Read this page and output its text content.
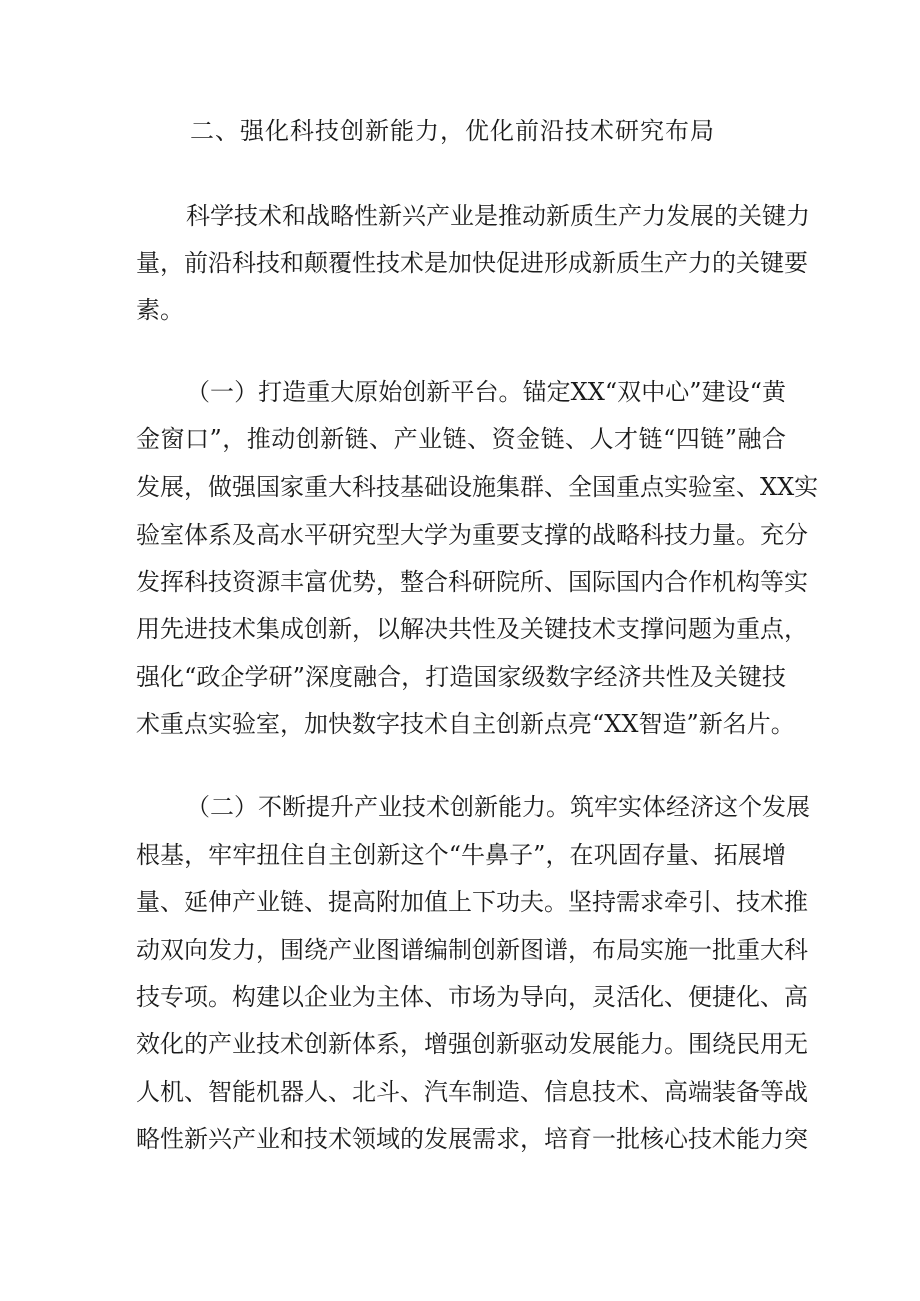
二、强化科技创新能力，优化前沿技术研究布局
科学技术和战略性新兴产业是推动新质生产力发展的关键力
量，前沿科技和颠覆性技术是加快促进形成新质生产力的关键要
素。
（一）打造重大原始创新平台。锚定XX“双中心”建设“黄
金窗口”，推动创新链、产业链、资金链、人才链“四链”融合
发展，做强国家重大科技基础设施集群、全国重点实验室、XX实
验室体系及高水平研究型大学为重要支撑的战略科技力量。充分
发挥科技资源丰富优势，整合科研院所、国际国内合作机构等实
用先进技术集成创新，以解决共性及关键技术支撑问题为重点，
强化“政企学研”深度融合，打造国家级数字经济共性及关键技
术重点实验室，加快数字技术自主创新点亮“XX智造”新名片。
（二）不断提升产业技术创新能力。筑牢实体经济这个发展
根基，牢牢扭住自主创新这个“牛鼻子”，在巩固存量、拓展增
量、延伸产业链、提高附加值上下功夫。坚持需求牵引、技术推
动双向发力，围绕产业图谱编制创新图谱，布局实施一批重大科
技专项。构建以企业为主体、市场为导向，灵活化、便捷化、高
效化的产业技术创新体系，增强创新驱动发展能力。围绕民用无
人机、智能机器人、北斗、汽车制造、信息技术、高端装备等战
略性新兴产业和技术领域的发展需求，培育一批核心技术能力突
